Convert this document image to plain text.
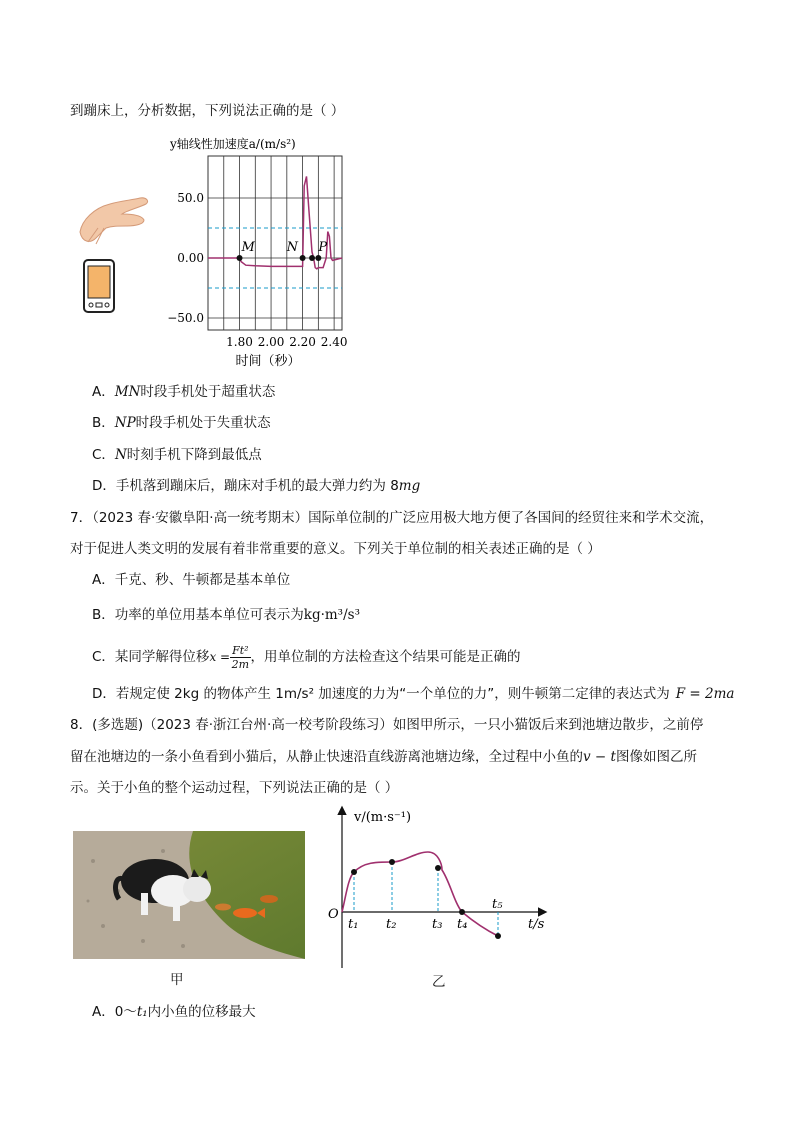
到蹦床上，分析数据，下列说法正确的是（ ）
y轴线性加速度a/(m/s²)
50.0
0.00
−50.0
1.80 2.00 2.20 2.40
M N P
时间（秒）
A．MN时段手机处于超重状态
B．NP时段手机处于失重状态
C．N时刻手机下降到最低点
D．手机落到蹦床后，蹦床对手机的最大弹力约为 8mg
7．（2023 春·安徽阜阳·高一统考期末）国际单位制的广泛应用极大地方便了各国间的经贸往来和学术交流，
对于促进人类文明的发展有着非常重要的意义。下列关于单位制的相关表述正确的是（ ）
A．千克、秒、牛顿都是基本单位
B．功率的单位用基本单位可表示为kg·m³/s³
C．某同学解得位移$x = \frac{\text{Ft²}}{2m}$ ，用单位制的方法检查这个结果可能是正确的
D．若规定使 2kg 的物体产生 1m/s² 加速度的力为“一个单位的力”，则牛顿第二定律的表达式为 F = 2ma
8．(多选题)（2023 春·浙江台州·高一校考阶段练习）如图甲所示，一只小猫饭后来到池塘边散步，之前停
留在池塘边的一条小鱼看到小猫后，从静止快速沿直线游离池塘边缘，全过程中小鱼的v − t图像如图乙所
示。关于小鱼的整个运动过程，下列说法正确的是（ ）
甲
v/(m·s⁻¹)
O
t/s
t₁ t₂	t₃ t₄
t₅
乙
A．0～t₁内小鱼的位移最大
